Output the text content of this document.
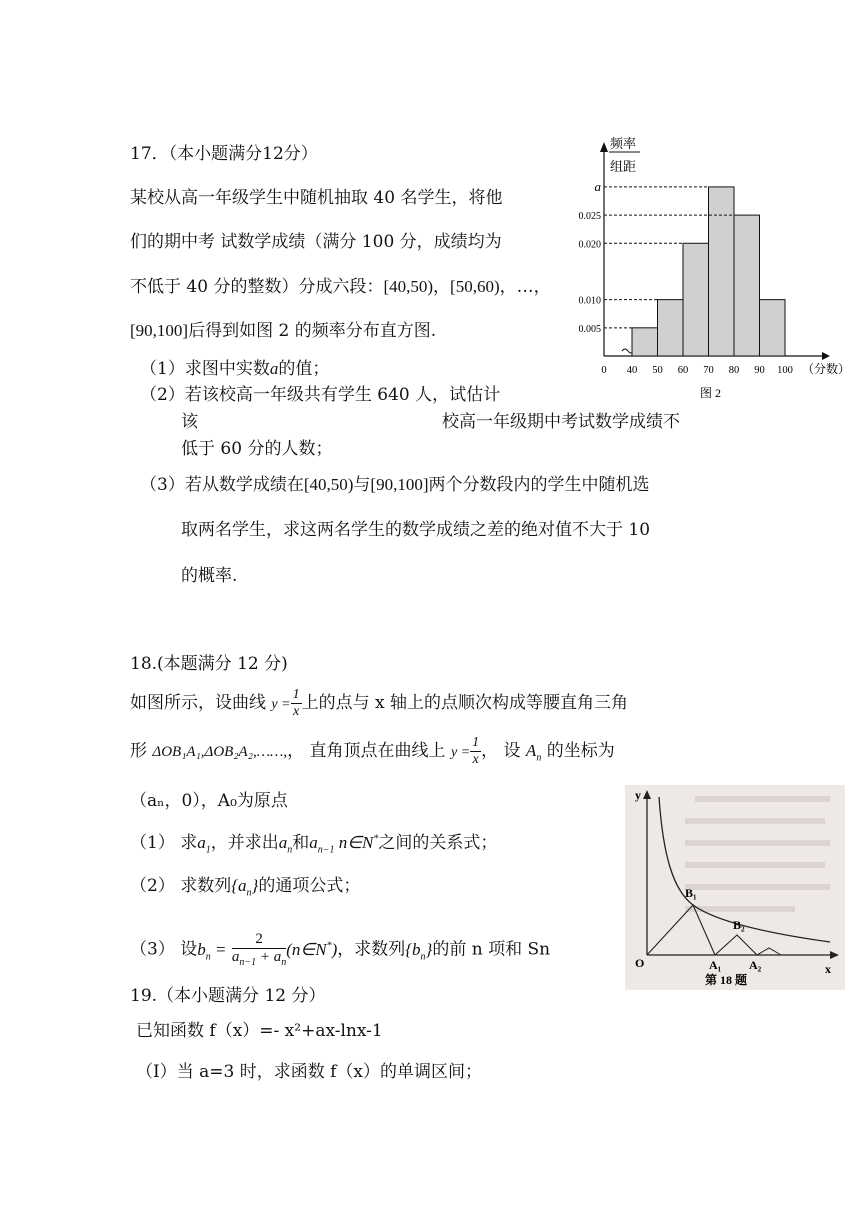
17．（本小题满分12分）
某校从高一年级学生中随机抽取 40 名学生，将他
们的期中考 试数学成绩（满分 100 分，成绩均为
不低于 40 分的整数）分成六段：[40,50)，[50,60)，…，
[90,100]后得到如图 2 的频率分布直方图.
（1）求图中实数a的值；
（2）若该校高一年级共有学生 640 人，试估计
该	校高一年级期中考试数学成绩不
低于 60 分的人数；
（3）若从数学成绩在[40,50)与[90,100]两个分数段内的学生中随机选
取两名学生，求这两名学生的数学成绩之差的绝对值不大于 10
的概率.
频率
组距
0.005
0.010
0.020
0.025
a
0 40 50 60 70 80 90 100 （分数）
图 2
18.(本题满分 12 分)
如图所示，设曲线 $y = \frac{1}{x}$ 上的点与 x 轴上的点顺次构成等腰直角三角
形 ΔOB₁A₁,ΔOB₂A₂,……,， 直角顶点在曲线上 $y = \frac{1}{x}$ ， 设 $A_n$ 的坐标为
（aₙ，0），A₀为原点
（1） 求$a_1$，并求出$a_n$和$a_{n-1}$ n∈N*之间的关系式；
（2） 求数列$\{a_n\}$的通项公式；
（3） 设$b_n = \frac{2}{a_{n-1} + a_n}$ (n∈N*)，求数列$\{b_n\}$的前 n 项和 Sn
y
x
O
B₁
B₂
A₁ A₂
第 18 题
19.（本小题满分 12 分）
已知函数 f（x）=- x²+ax-lnx-1
（Ⅰ）当 a=3 时，求函数 f（x）的单调区间；
